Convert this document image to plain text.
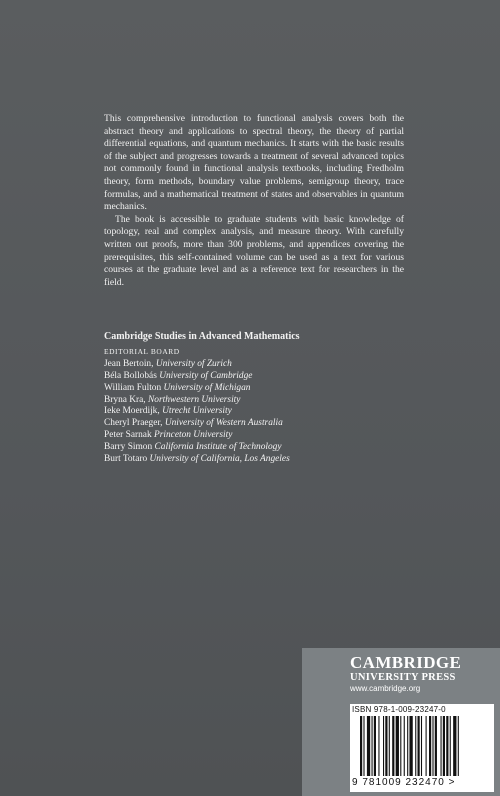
This comprehensive introduction to functional analysis covers both the abstract theory and applications to spectral theory, the theory of partial differential equations, and quantum mechanics. It starts with the basic results of the subject and progresses towards a treatment of several advanced topics not commonly found in functional analysis textbooks, including Fredholm theory, form methods, boundary value problems, semigroup theory, trace formulas, and a mathematical treatment of states and observables in quantum mechanics.

The book is accessible to graduate students with basic knowledge of topology, real and complex analysis, and measure theory. With carefully written out proofs, more than 300 problems, and appendices covering the prerequisites, this self-contained volume can be used as a text for various courses at the graduate level and as a reference text for researchers in the field.

Cambridge Studies in Advanced Mathematics
EDITORIAL BOARD
Jean Bertoin, University of Zurich
Béla Bollobás University of Cambridge
William Fulton University of Michigan
Bryna Kra, Northwestern University
Ieke Moerdijk, Utrecht University
Cheryl Praeger, University of Western Australia
Peter Sarnak Princeton University
Barry Simon California Institute of Technology
Burt Totaro University of California, Los Angeles
CAMBRIDGE
UNIVERSITY PRESS
www.cambridge.org
ISBN 978-1-009-23247-0
9 781009 232470 >
